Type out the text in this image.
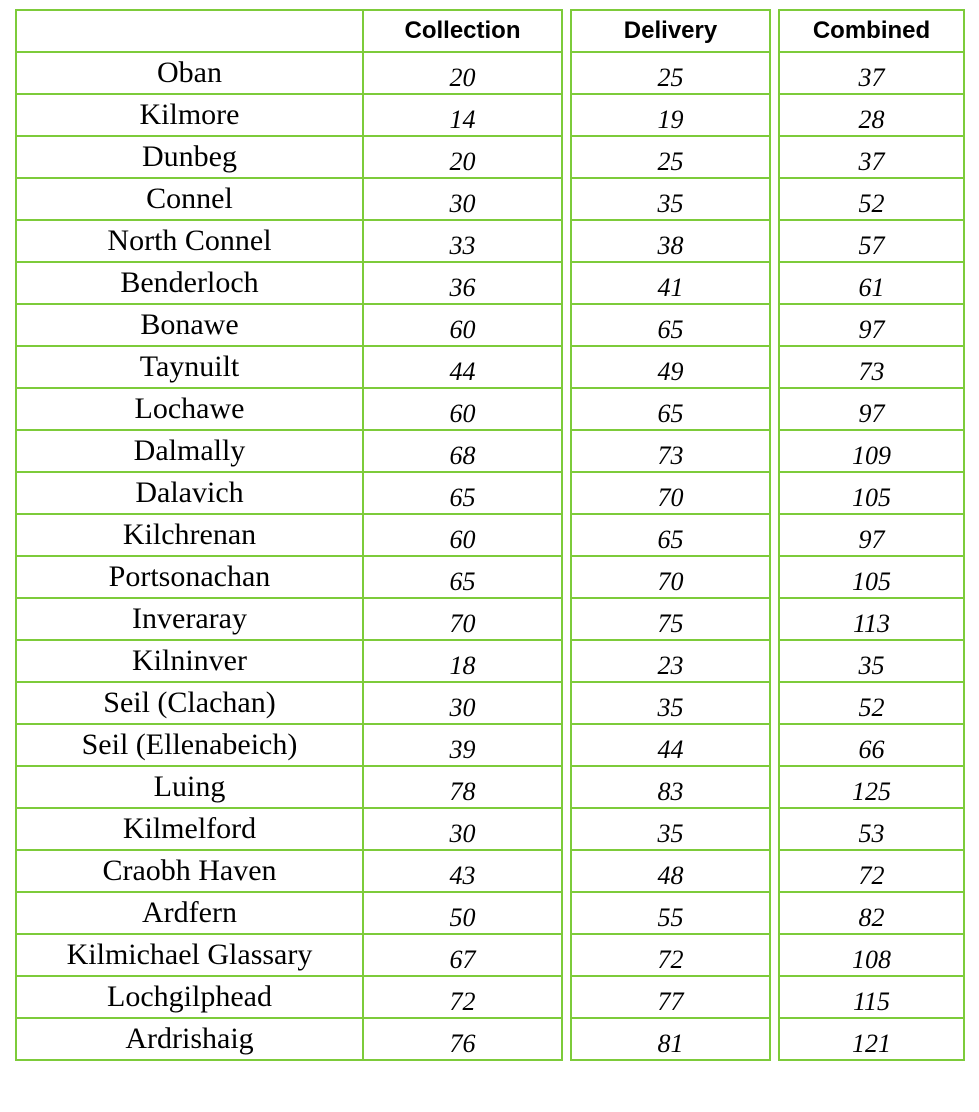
	Collection		Delivery		Combined
Oban	20		25		37
Kilmore	14		19		28
Dunbeg	20		25		37
Connel	30		35		52
North Connel	33		38		57
Benderloch	36		41		61
Bonawe	60		65		97
Taynuilt	44		49		73
Lochawe	60		65		97
Dalmally	68		73		109
Dalavich	65		70		105
Kilchrenan	60		65		97
Portsonachan	65		70		105
Inveraray	70		75		113
Kilninver	18		23		35
Seil (Clachan)	30		35		52
Seil (Ellenabeich)	39		44		66
Luing	78		83		125
Kilmelford	30		35		53
Craobh Haven	43		48		72
Ardfern	50		55		82
Kilmichael Glassary	67		72		108
Lochgilphead	72		77		115
Ardrishaig	76		81		121
